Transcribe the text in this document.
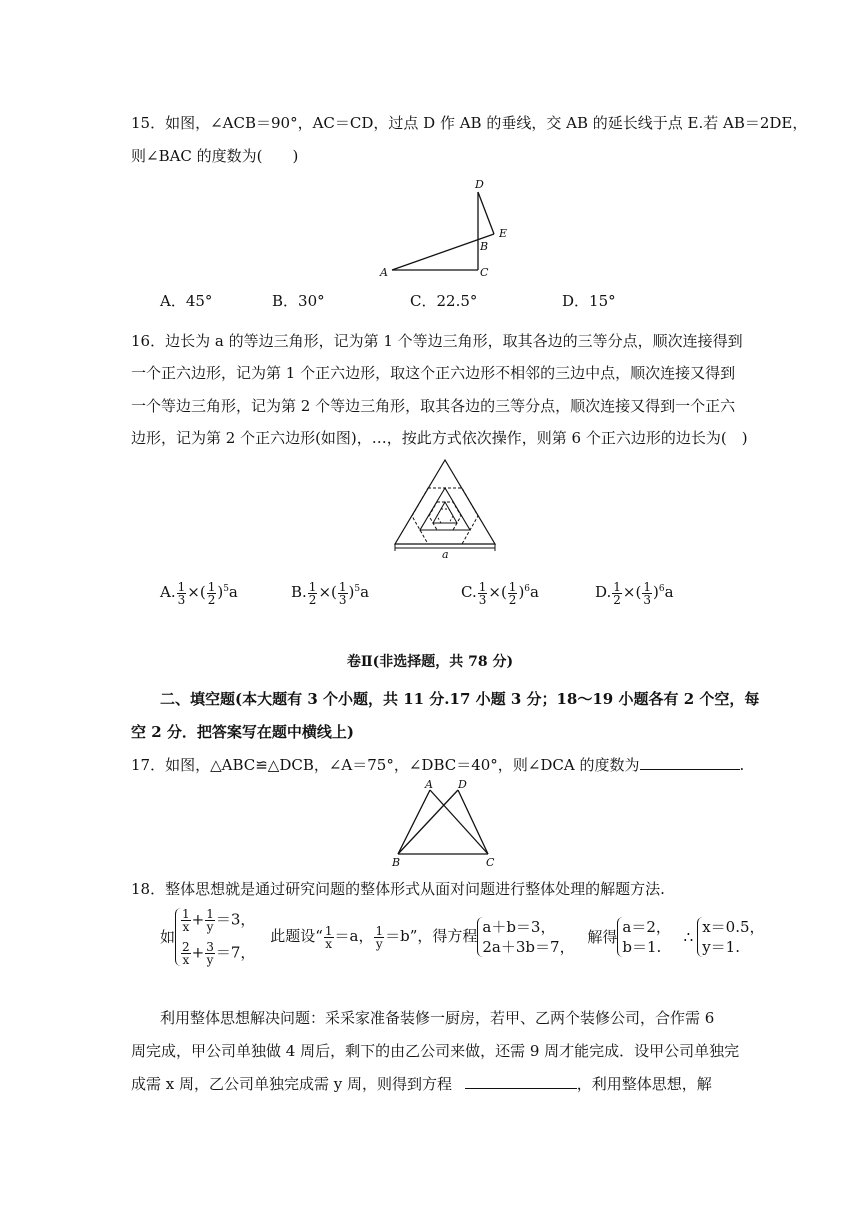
15．如图，∠ACB＝90°，AC＝CD，过点 D 作 AB 的垂线，交 AB 的延长线于点 E.若 AB＝2DE，
则∠BAC 的度数为(　　)
D
E
B
C
A
A．45°	B．30°	C．22.5°	D．15°
16．边长为 a 的等边三角形，记为第 1 个等边三角形，取其各边的三等分点，顺次连接得到
一个正六边形，记为第 1 个正六边形，取这个正六边形不相邻的三边中点，顺次连接又得到
一个等边三角形，记为第 2 个等边三角形，取其各边的三等分点，顺次连接又得到一个正六
边形，记为第 2 个正六边形(如图)，…，按此方式依次操作，则第 6 个正六边形的边长为(　)
a
A. $\frac{1}{3}$ ×( $\frac{1}{2} )^5a$	B. $\frac{1}{2}$ ×( $\frac{1}{3} )^5a$	C. $\frac{1}{3}$ ×( $\frac{1}{2} )^6a$	D. $\frac{1}{2}$ ×( $\frac{1}{3} )^6a$
卷Ⅱ(非选择题，共 78 分)
二、填空题(本大题有 3 个小题，共 11 分.17 小题 3 分；18～19 小题各有 2 个空，每
空 2 分．把答案写在题中横线上)
17．如图，△ABC≌△DCB，∠A＝75°，∠DBC＝40°，则∠DCA 的度数为	.
A D
B	C
18．整体思想就是通过研究问题的整体形式从面对问题进行整体处理的解题方法.
如
$\frac{1}{x} + \frac{1}{y} =3$，
$\frac{2}{x} + \frac{3}{y} =7$，
此题设“ $\frac{1}{x} =a$， $\frac{1}{y} =b$”，得方程 a＋b＝3，
2a＋3b＝7，
解得
a＝2，
b＝1.
∴
x＝0.5，
y＝1.
利用整体思想解决问题：采采家准备装修一厨房，若甲、乙两个装修公司，合作需 6
周完成，甲公司单独做 4 周后，剩下的由乙公司来做，还需 9 周才能完成．设甲公司单独完
成需 x 周，乙公司单独完成需 y 周，则得到方程	，利用整体思想，解
